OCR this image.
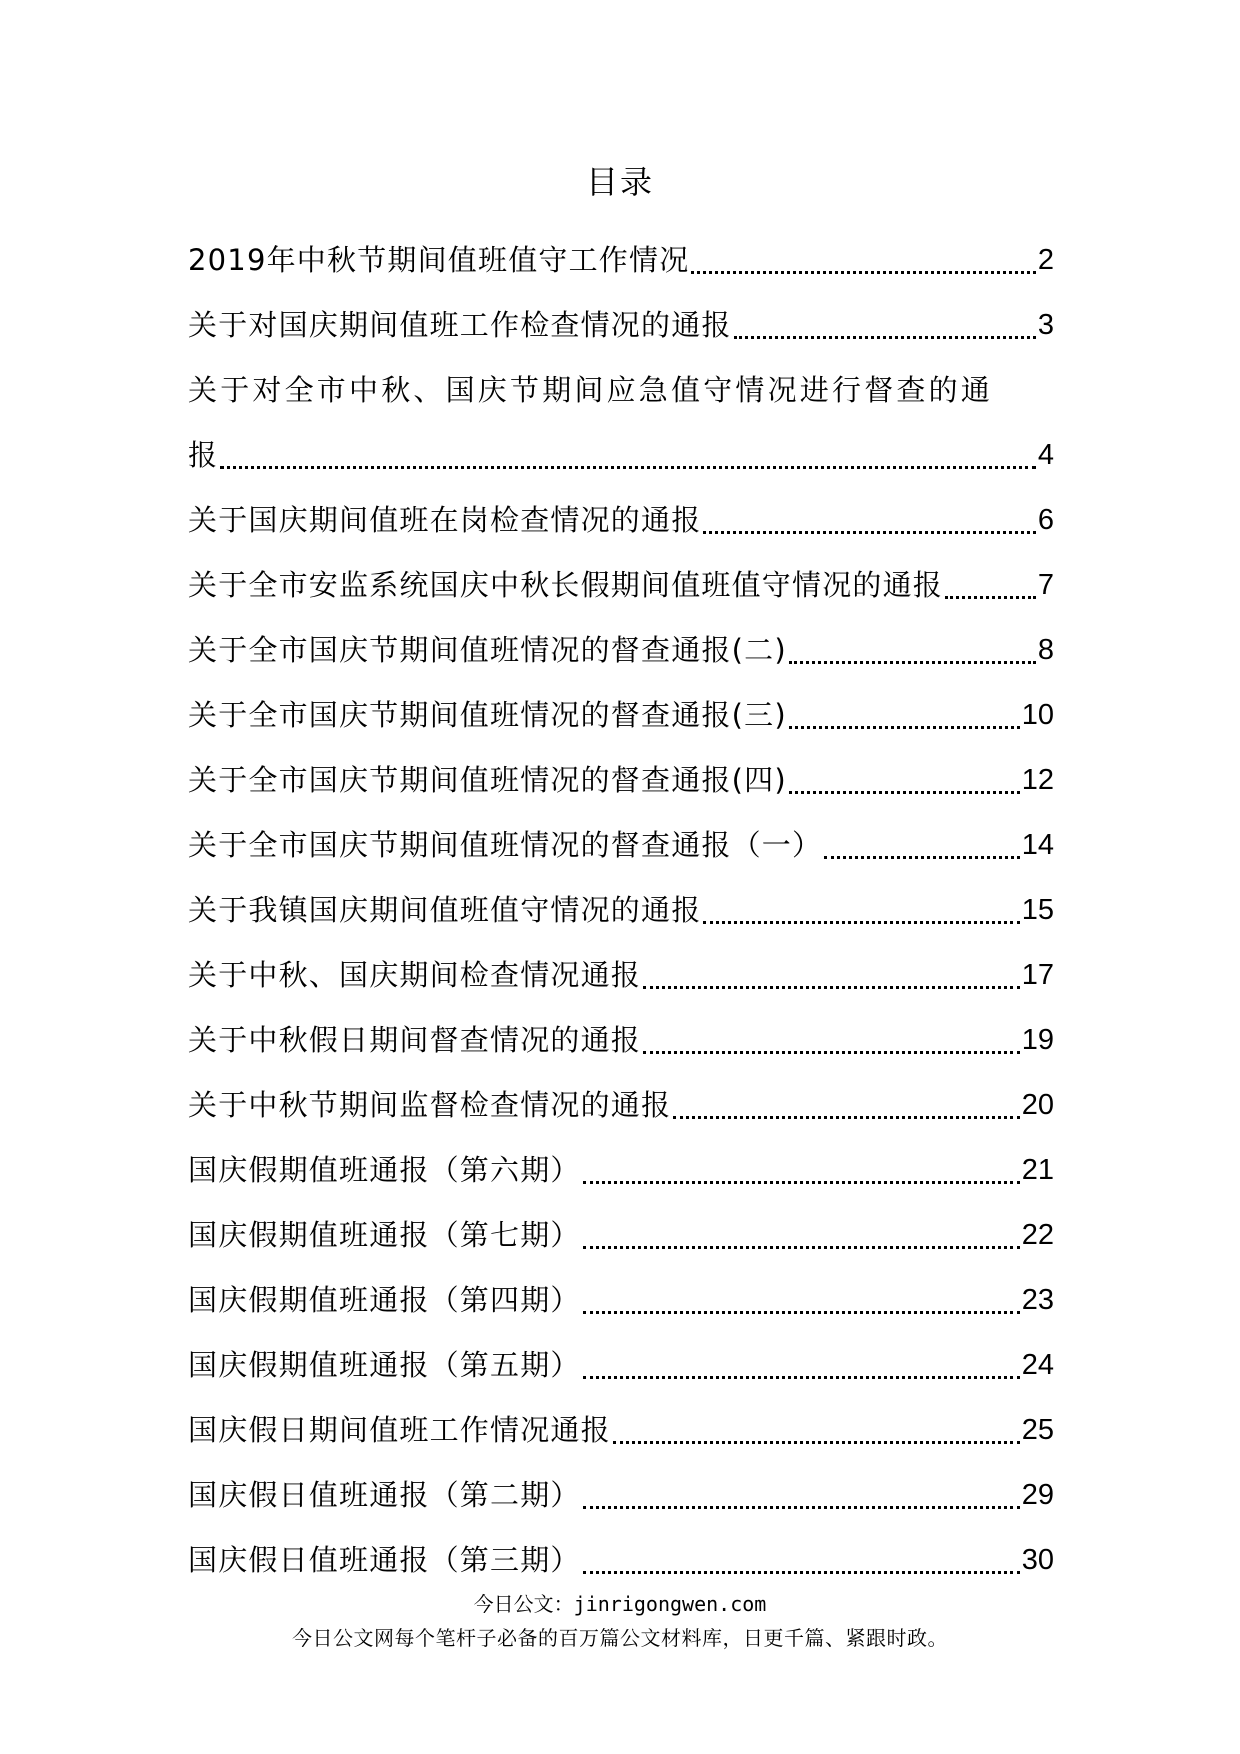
目录
2019年中秋节期间值班值守工作情况	2
关于对国庆期间值班工作检查情况的通报	3
关于对全市中秋、国庆节期间应急值守情况进行督查的通
报	4
关于国庆期间值班在岗检查情况的通报	6
关于全市安监系统国庆中秋长假期间值班值守情况的通报	7
关于全市国庆节期间值班情况的督查通报(二)	8
关于全市国庆节期间值班情况的督查通报(三)	10
关于全市国庆节期间值班情况的督查通报(四)	12
关于全市国庆节期间值班情况的督查通报（一）	14
关于我镇国庆期间值班值守情况的通报	15
关于中秋、国庆期间检查情况通报	17
关于中秋假日期间督查情况的通报	19
关于中秋节期间监督检查情况的通报	20
国庆假期值班通报（第六期）	21
国庆假期值班通报（第七期）	22
国庆假期值班通报（第四期）	23
国庆假期值班通报（第五期）	24
国庆假日期间值班工作情况通报	25
国庆假日值班通报（第二期）	29
国庆假日值班通报（第三期）	30
今日公文：jinrigongwen.com
今日公文网每个笔杆子必备的百万篇公文材料库，日更千篇、紧跟时政。
